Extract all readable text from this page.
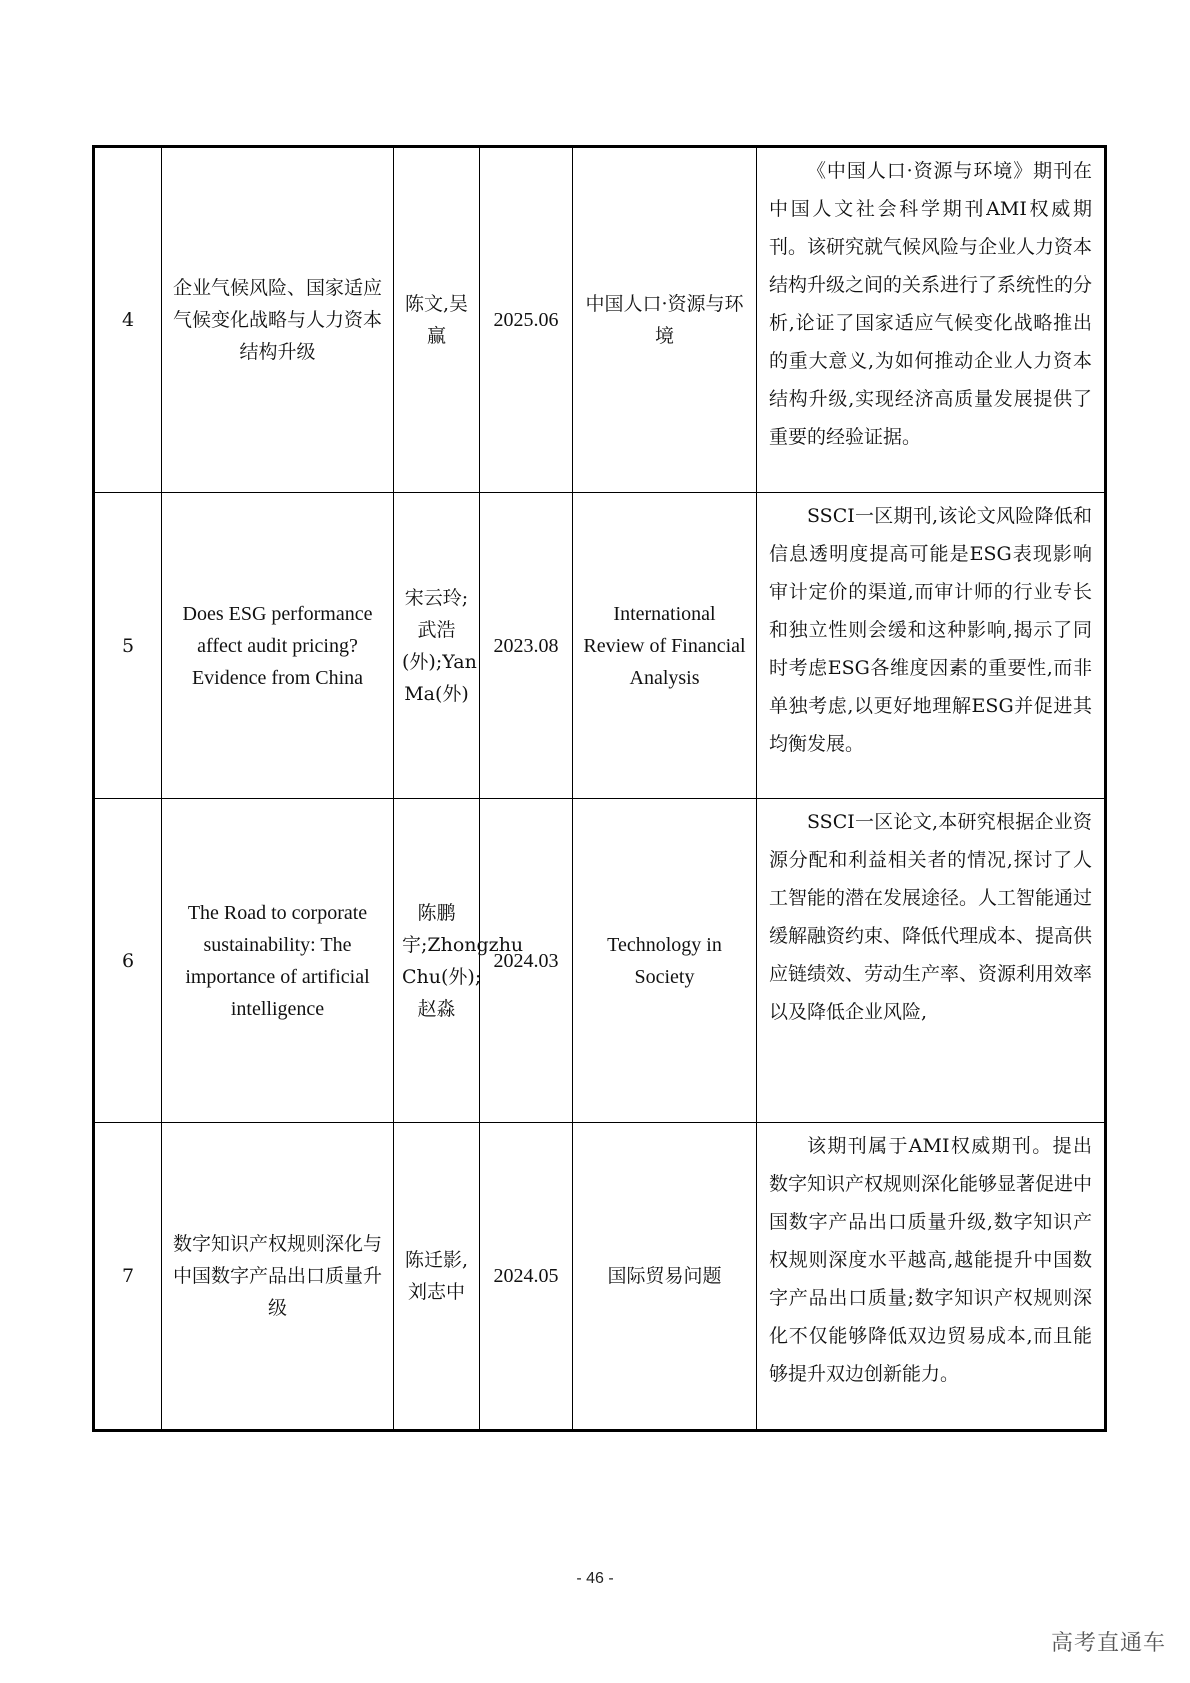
4	企业气候风险、国家适应气候变化战略与人力资本结构升级	陈文,吴赢	2025.06	中国人口·资源与环境	《中国人口·资源与环境》期刊在中国人文社会科学期刊AMI权威期刊。该研究就气候风险与企业人力资本结构升级之间的关系进行了系统性的分析,论证了国家适应气候变化战略推出的重大意义,为如何推动企业人力资本结构升级,实现经济高质量发展提供了重要的经验证据。

5	Does ESG performance affect audit pricing? Evidence from China	宋云玲;武浩(外);Yan Ma(外)	2023.08	International Review of Financial Analysis	SSCI一区期刊,该论文风险降低和信息透明度提高可能是ESG表现影响审计定价的渠道,而审计师的行业专长和独立性则会缓和这种影响,揭示了同时考虑ESG各维度因素的重要性,而非单独考虑,以更好地理解ESG并促进其均衡发展。

6	The Road to corporate sustainability: The importance of artificial intelligence	陈鹏宇;Zhongzhu Chu(外);赵淼	2024.03	Technology in Society	SSCI一区论文,本研究根据企业资源分配和利益相关者的情况,探讨了人工智能的潜在发展途径。人工智能通过缓解融资约束、降低代理成本、提高供应链绩效、劳动生产率、资源利用效率以及降低企业风险,

7	数字知识产权规则深化与中国数字产品出口质量升级	陈迁影,刘志中	2024.05	国际贸易问题	该期刊属于AMI权威期刊。提出数字知识产权规则深化能够显著促进中国数字产品出口质量升级,数字知识产权规则深度水平越高,越能提升中国数字产品出口质量;数字知识产权规则深化不仅能够降低双边贸易成本,而且能够提升双边创新能力。
- 46 -
高考直通车
